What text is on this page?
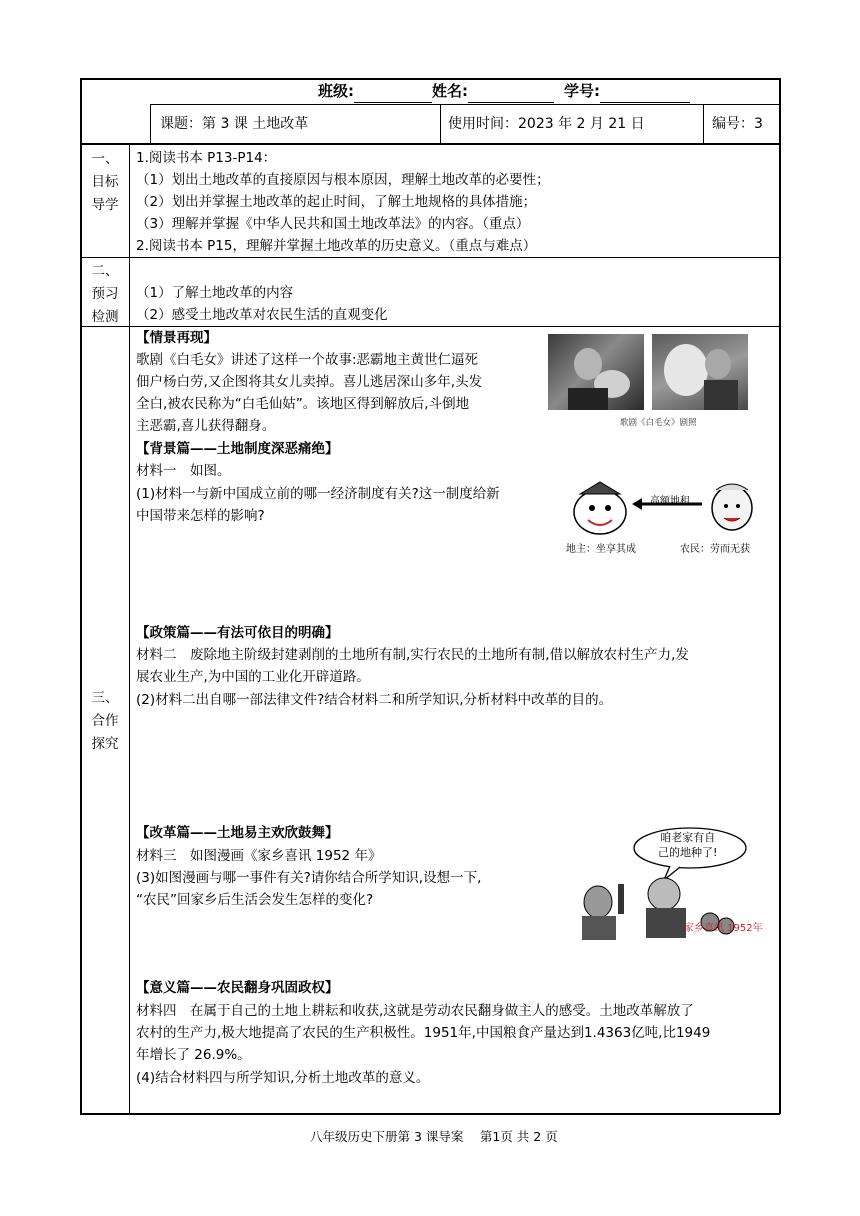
班级:	姓名:	学号:
课题：第 3 课 土地改革	使用时间：2023 年 2 月 21 日	编号：3
一、
目标
导学
1.阅读书本 P13-P14：
（1）划出土地改革的直接原因与根本原因，理解土地改革的必要性；
（2）划出并掌握土地改革的起止时间，了解土地规格的具体措施；
（3）理解并掌握《中华人民共和国土地改革法》的内容。（重点）
2.阅读书本 P15，理解并掌握土地改革的历史意义。（重点与难点）
二、
预习
检测
（1）了解土地改革的内容
（2）感受土地改革对农民生活的直观变化
三、
合作
探究
【情景再现】
歌剧《白毛女》讲述了这样一个故事:恶霸地主黄世仁逼死
佃户杨白劳,又企图将其女儿卖掉。喜儿逃居深山多年,头发
全白,被农民称为“白毛仙姑”。该地区得到解放后,斗倒地
主恶霸,喜儿获得翻身。	歌剧《白毛女》剧照
【背景篇——土地制度深恶痛绝】
材料一　如图。
(1)材料一与新中国成立前的哪一经济制度有关?这一制度给新
中国带来怎样的影响?
高额地租
地主：坐享其成	农民：劳而无获
【政策篇——有法可依目的明确】
材料二　废除地主阶级封建剥削的土地所有制,实行农民的土地所有制,借以解放农村生产力,发
展农业生产,为中国的工业化开辟道路。
(2)材料二出自哪一部法律文件?结合材料二和所学知识,分析材料中改革的目的。
【改革篇——土地易主欢欣鼓舞】
材料三　如图漫画《家乡喜讯 1952 年》
(3)如图漫画与哪一事件有关?请你结合所学知识,设想一下,
“农民”回家乡后生活会发生怎样的变化?
咱老家有自
己的地种了!
家乡喜讯 1952年
【意义篇——农民翻身巩固政权】
材料四　在属于自己的土地上耕耘和收获,这就是劳动农民翻身做主人的感受。土地改革解放了
农村的生产力,极大地提高了农民的生产积极性。1951年,中国粮食产量达到1.4363亿吨,比1949
年增长了 26.9%。
(4)结合材料四与所学知识,分析土地改革的意义。
八年级历史下册第 3 课导案　 第1页 共 2 页
